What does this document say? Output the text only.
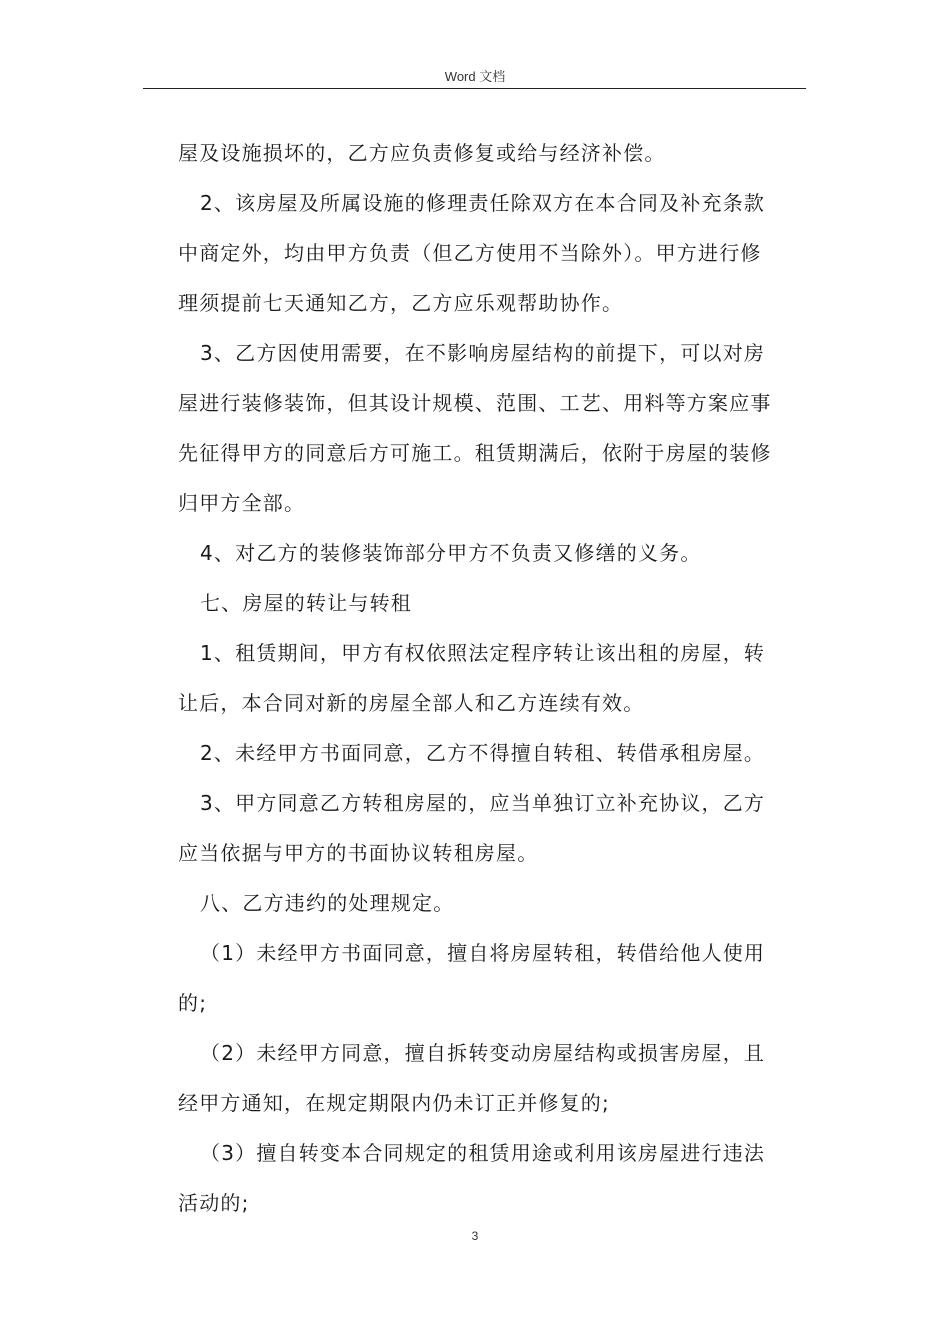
Word 文档
屋及设施损坏的，乙方应负责修复或给与经济补偿。
2、该房屋及所属设施的修理责任除双方在本合同及补充条款
中商定外，均由甲方负责（但乙方使用不当除外）。甲方进行修
理须提前七天通知乙方，乙方应乐观帮助协作。
3、乙方因使用需要，在不影响房屋结构的前提下，可以对房
屋进行装修装饰，但其设计规模、范围、工艺、用料等方案应事
先征得甲方的同意后方可施工。租赁期满后，依附于房屋的装修
归甲方全部。
4、对乙方的装修装饰部分甲方不负责又修缮的义务。
七、房屋的转让与转租
1、租赁期间，甲方有权依照法定程序转让该出租的房屋，转
让后，本合同对新的房屋全部人和乙方连续有效。
2、未经甲方书面同意，乙方不得擅自转租、转借承租房屋。
3、甲方同意乙方转租房屋的，应当单独订立补充协议，乙方
应当依据与甲方的书面协议转租房屋。
八、乙方违约的处理规定。
（1）未经甲方书面同意，擅自将房屋转租，转借给他人使用
的;
（2）未经甲方同意，擅自拆转变动房屋结构或损害房屋，且
经甲方通知，在规定期限内仍未订正并修复的;
（3）擅自转变本合同规定的租赁用途或利用该房屋进行违法
活动的;
3
